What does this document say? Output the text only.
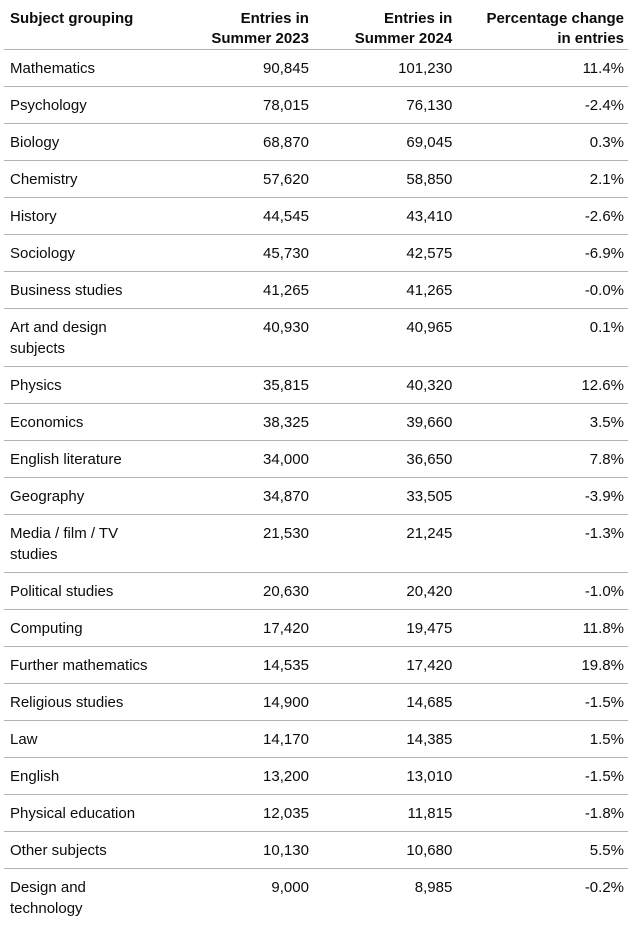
Subject grouping	Entries in Summer 2023	Entries in Summer 2024	Percentage change in entries

Mathematics	90,845	101,230	11.4%

Psychology	78,015	76,130	-2.4%

Biology	68,870	69,045	0.3%

Chemistry	57,620	58,850	2.1%

History	44,545	43,410	-2.6%

Sociology	45,730	42,575	-6.9%

Business studies	41,265	41,265	-0.0%

Art and design subjects	40,930	40,965	0.1%

Physics	35,815	40,320	12.6%

Economics	38,325	39,660	3.5%

English literature	34,000	36,650	7.8%

Geography	34,870	33,505	-3.9%

Media / film / TV studies	21,530	21,245	-1.3%

Political studies	20,630	20,420	-1.0%

Computing	17,420	19,475	11.8%

Further mathematics	14,535	17,420	19.8%

Religious studies	14,900	14,685	-1.5%

Law	14,170	14,385	1.5%

English	13,200	13,010	-1.5%

Physical education	12,035	11,815	-1.8%

Other subjects	10,130	10,680	5.5%

Design and technology	9,000	8,985	-0.2%
